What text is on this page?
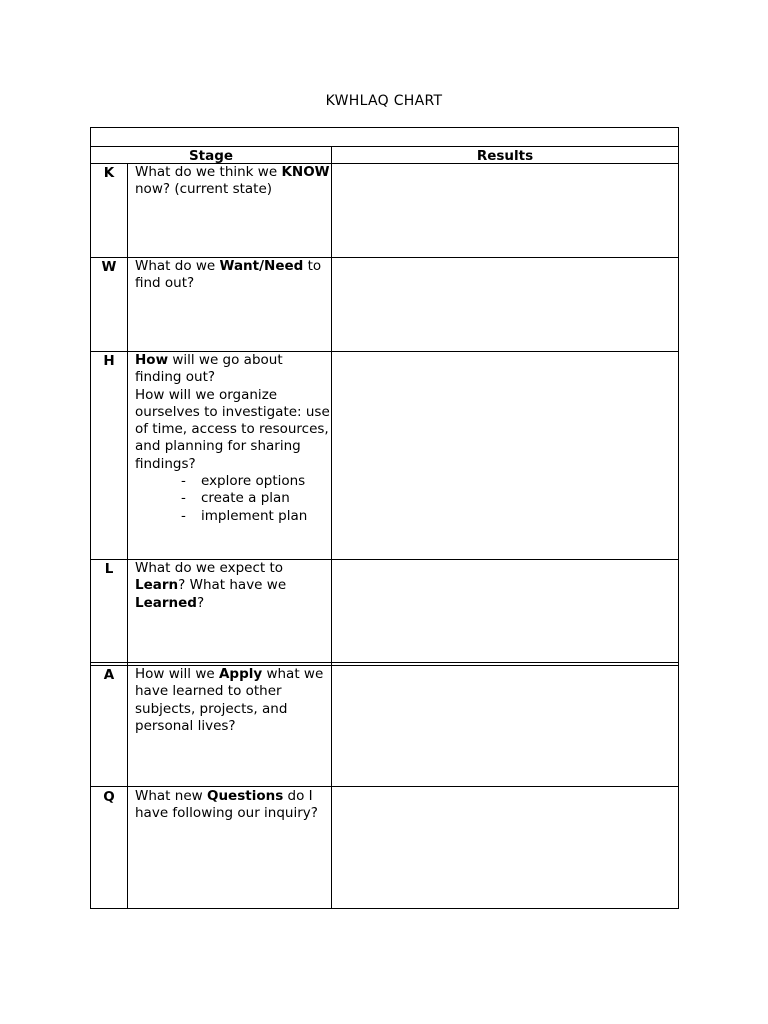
KWHLAQ CHART
Stage	Results
K	What do we think we KNOW now? (current state)
W	What do we Want/Need to find out?
H	How will we go about finding out?
How will we organize ourselves to investigate: use of time, access to resources, and planning for sharing findings?
- explore options
- create a plan
- implement plan
L	What do we expect to Learn? What have we Learned?
A	How will we Apply what we have learned to other subjects, projects, and personal lives?
Q	What new Questions do I have following our inquiry?
